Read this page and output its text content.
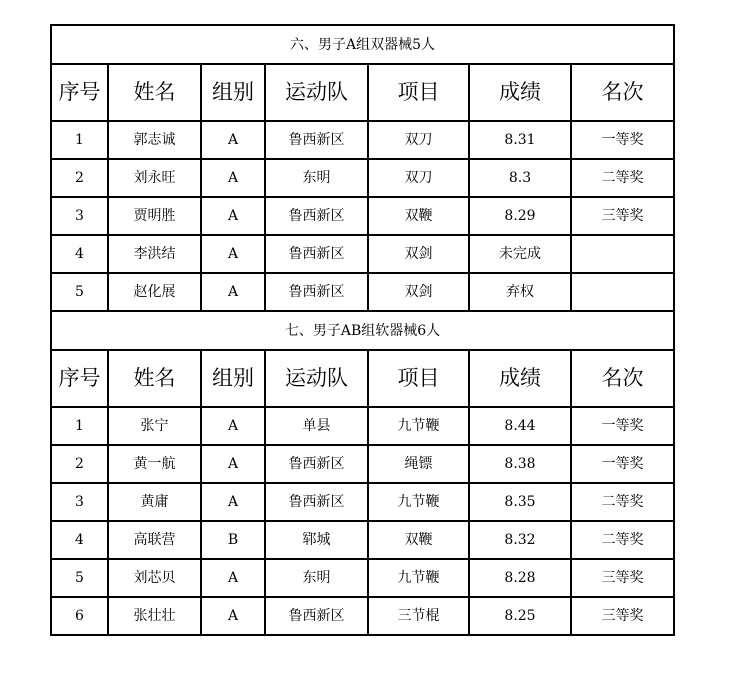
六、男子A组双器械5人						
序号	姓名	组别	运动队	项目	成绩	名次
1	郭志诚	A	鲁西新区	双刀	8.31	一等奖
2	刘永旺	A	东明	双刀	8.3	二等奖
3	贾明胜	A	鲁西新区	双鞭	8.29	三等奖
4	李洪结	A	鲁西新区	双剑	未完成	
5	赵化展	A	鲁西新区	双剑	弃权	
七、男子AB组软器械6人						
序号	姓名	组别	运动队	项目	成绩	名次
1	张宁	A	单县	九节鞭	8.44	一等奖
2	黄一航	A	鲁西新区	绳镖	8.38	一等奖
3	黄庸	A	鲁西新区	九节鞭	8.35	二等奖
4	高联营	B	郓城	双鞭	8.32	二等奖
5	刘芯贝	A	东明	九节鞭	8.28	三等奖
6	张壮壮	A	鲁西新区	三节棍	8.25	三等奖
